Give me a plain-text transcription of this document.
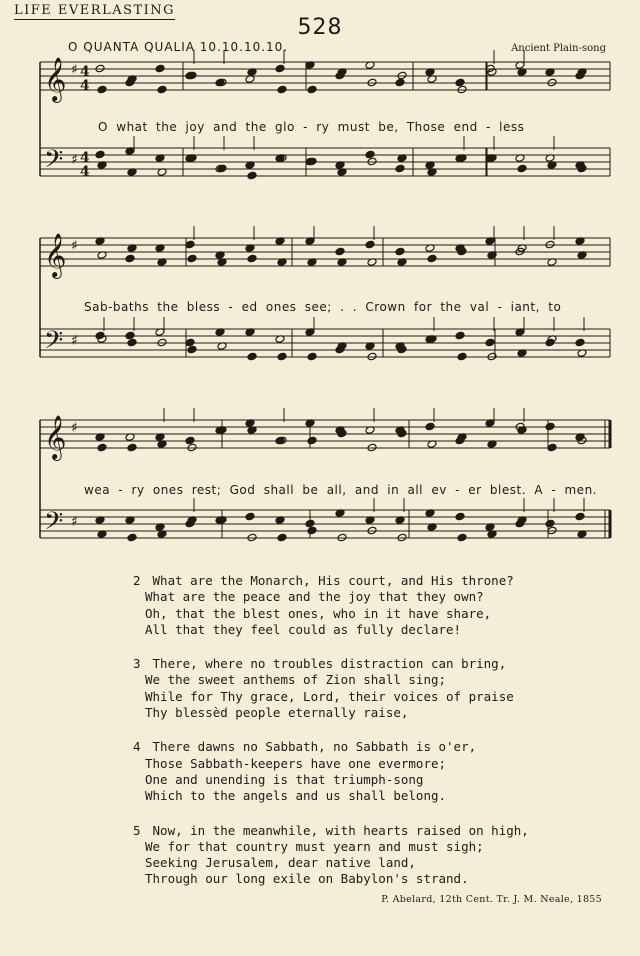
LIFE EVERLASTING
528
O QUANTA QUALIA 10.10.10.10.	Ancient Plain-song
𝄞 ♯ 4
4
𝄢 ♯ 4
4
𝄞 ♯
𝄢 ♯
𝄞 ♯
𝄢 ♯
O what the joy and the glo - ry must be, Those end - less
Sab-baths the bless - ed ones see; . . Crown for the val - iant, to
wea - ry ones rest; God shall be all, and in all ev - er blest. A - men.
2 What are the Monarch, His court, and His throne?
What are the peace and the joy that they own?
Oh, that the blest ones, who in it have share,
All that they feel could as fully declare!
3 There, where no troubles distraction can bring,
We the sweet anthems of Zion shall sing;
While for Thy grace, Lord, their voices of praise
Thy blessèd people eternally raise,
4 There dawns no Sabbath, no Sabbath is o'er,
Those Sabbath-keepers have one evermore;
One and unending is that triumph-song
Which to the angels and us shall belong.
5 Now, in the meanwhile, with hearts raised on high,
We for that country must yearn and must sigh;
Seeking Jerusalem, dear native land,
Through our long exile on Babylon's strand.
P. Abelard, 12th Cent. Tr. J. M. Neale, 1855
